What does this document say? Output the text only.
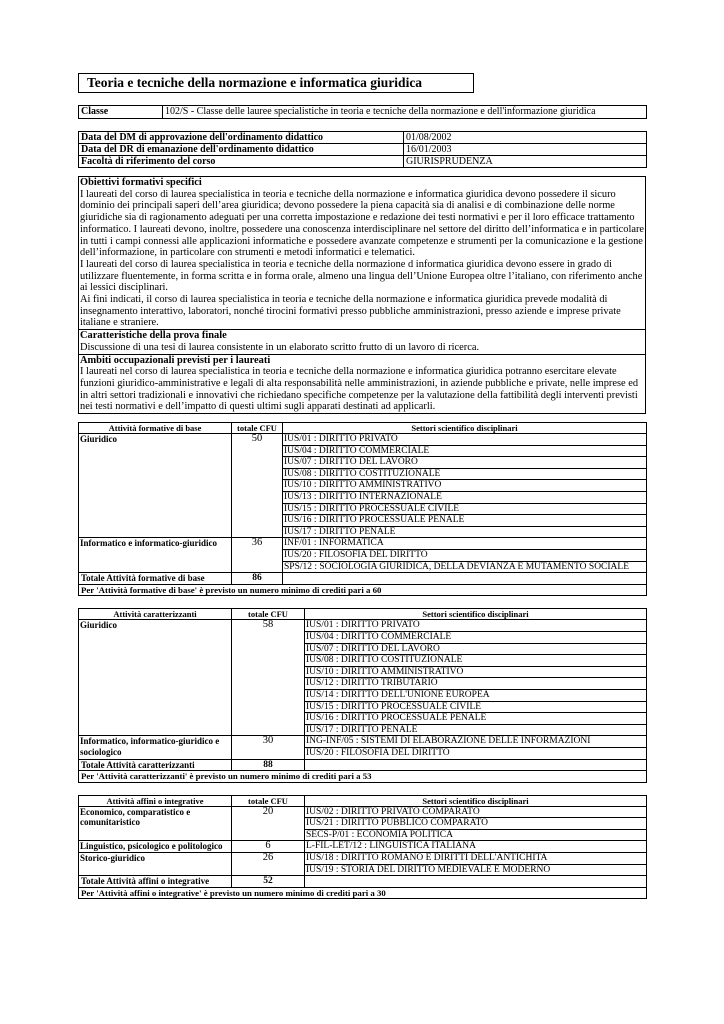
Teoria e tecniche della normazione e informatica giuridica
Classe	102/S - Classe delle lauree specialistiche in teoria e tecniche della normazione e dell'informazione giuridica
Data del DM di approvazione dell'ordinamento didattico	01/08/2002
Data del DR di emanazione dell'ordinamento didattico	16/01/2003
Facoltà di riferimento del corso	GIURISPRUDENZA
Obiettivi formativi specifici
I laureati del corso di laurea specialistica in teoria e tecniche della normazione e informatica giuridica devono possedere il sicuro dominio dei principali saperi dell’area giuridica; devono possedere la piena capacità sia di analisi e di combinazione delle norme giuridiche sia di ragionamento adeguati per una corretta impostazione e redazione dei testi normativi e per il loro efficace trattamento informatico. I laureati devono, inoltre, possedere una conoscenza interdisciplinare nel settore del diritto dell’informatica e in particolare in tutti i campi connessi alle applicazioni informatiche e possedere avanzate competenze e strumenti per la comunicazione e la gestione dell’informazione, in particolare con strumenti e metodi informatici e telematici.
I laureati del corso di laurea specialistica in teoria e tecniche della normazione d informatica giuridica devono essere in grado di utilizzare fluentemente, in forma scritta e in forma orale, almeno una lingua dell’Unione Europea oltre l’italiano, con riferimento anche ai lessici disciplinari.
Ai fini indicati, il corso di laurea specialistica in teoria e tecniche della normazione e informatica giuridica prevede modalità di insegnamento interattivo, laboratori, nonché tirocini formativi presso pubbliche amministrazioni, presso aziende e imprese private italiane e straniere.
Caratteristiche della prova finale
Discussione di una tesi di laurea consistente in un elaborato scritto frutto di un lavoro di ricerca.
Ambiti occupazionali previsti per i laureati
I laureati nel corso di laurea specialistica in teoria e tecniche della normazione e informatica giuridica potranno esercitare elevate funzioni giuridico-amministrative e legali di alta responsabilità nelle amministrazioni, in aziende pubbliche e private, nelle imprese ed in altri settori tradizionali e innovativi che richiedano specifiche competenze per la valutazione della fattibilità degli interventi previsti nei testi normativi e dell’impatto di questi ultimi sugli apparati destinati ad applicarli.
Attività formative di base	totale CFU	Settori scientifico disciplinari
Giuridico	50	IUS/01 : DIRITTO PRIVATO
		IUS/04 : DIRITTO COMMERCIALE
		IUS/07 : DIRITTO DEL LAVORO
		IUS/08 : DIRITTO COSTITUZIONALE
		IUS/10 : DIRITTO AMMINISTRATIVO
		IUS/13 : DIRITTO INTERNAZIONALE
		IUS/15 : DIRITTO PROCESSUALE CIVILE
		IUS/16 : DIRITTO PROCESSUALE PENALE
		IUS/17 : DIRITTO PENALE
Informatico e informatico-giuridico	36	INF/01 : INFORMATICA
		IUS/20 : FILOSOFIA DEL DIRITTO
		SPS/12 : SOCIOLOGIA GIURIDICA, DELLA DEVIANZA E MUTAMENTO SOCIALE
Totale Attività formative di base	86	
Per 'Attività formative di base' è previsto un numero minimo di crediti pari a 60		
Attività caratterizzanti	totale CFU	Settori scientifico disciplinari
Giuridico	58	IUS/01 : DIRITTO PRIVATO
		IUS/04 : DIRITTO COMMERCIALE
		IUS/07 : DIRITTO DEL LAVORO
		IUS/08 : DIRITTO COSTITUZIONALE
		IUS/10 : DIRITTO AMMINISTRATIVO
		IUS/12 : DIRITTO TRIBUTARIO
		IUS/14 : DIRITTO DELL'UNIONE EUROPEA
		IUS/15 : DIRITTO PROCESSUALE CIVILE
		IUS/16 : DIRITTO PROCESSUALE PENALE
		IUS/17 : DIRITTO PENALE
Informatico, informatico-giuridico e sociologico	30	ING-INF/05 : SISTEMI DI ELABORAZIONE DELLE INFORMAZIONI
		IUS/20 : FILOSOFIA DEL DIRITTO
Totale Attività caratterizzanti	88	
Per 'Attività caratterizzanti' è previsto un numero minimo di crediti pari a 53		
Attività affini o integrative	totale CFU	Settori scientifico disciplinari
Economico, comparatistico e comunitaristico	20	IUS/02 : DIRITTO PRIVATO COMPARATO
		IUS/21 : DIRITTO PUBBLICO COMPARATO
		SECS-P/01 : ECONOMIA POLITICA
Linguistico, psicologico e politologico	6	L-FIL-LET/12 : LINGUISTICA ITALIANA
Storico-giuridico	26	IUS/18 : DIRITTO ROMANO E DIRITTI DELL'ANTICHITA
		IUS/19 : STORIA DEL DIRITTO MEDIEVALE E MODERNO
Totale Attività affini o integrative	52	
Per 'Attività affini o integrative' è previsto un numero minimo di crediti pari a 30		
